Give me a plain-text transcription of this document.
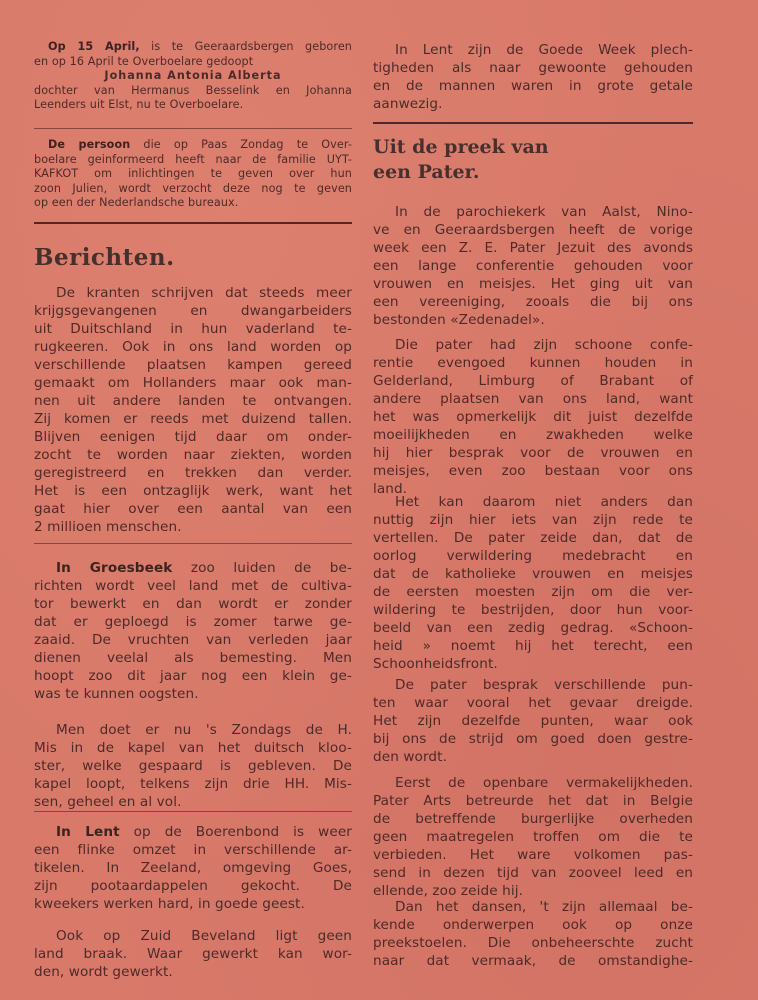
Op 15 April, is te Geeraardsbergen geboren
en op 16 April te Overboelare gedoopt
Johanna Antonia Alberta
dochter van Hermanus Besselink en Johanna
Leenders uit Elst, nu te Overboelare.
De persoon die op Paas Zondag te Over-
boelare geinformeerd heeft naar de familie UYT-
KAFKOT om inlichtingen te geven over hun
zoon Julien, wordt verzocht deze nog te geven
op een der Nederlandsche bureaux.
Berichten.
De kranten schrijven dat steeds meer
krijgsgevangenen en dwangarbeiders
uit Duitschland in hun vaderland te-
rugkeeren. Ook in ons land worden op
verschillende plaatsen kampen gereed
gemaakt om Hollanders maar ook man-
nen uit andere landen te ontvangen.
Zij komen er reeds met duizend tallen.
Blijven eenigen tijd daar om onder-
zocht te worden naar ziekten, worden
geregistreerd en trekken dan verder.
Het is een ontzaglijk werk, want het
gaat hier over een aantal van een
2 millioen menschen.
In Groesbeek zoo luiden de be-
richten wordt veel land met de cultiva-
tor bewerkt en dan wordt er zonder
dat er geploegd is zomer tarwe ge-
zaaid. De vruchten van verleden jaar
dienen veelal als bemesting. Men
hoopt zoo dit jaar nog een klein ge-
was te kunnen oogsten.
Men doet er nu 's Zondags de H.
Mis in de kapel van het duitsch kloo-
ster, welke gespaard is gebleven. De
kapel loopt, telkens zijn drie HH. Mis-
sen, geheel en al vol.
In Lent op de Boerenbond is weer
een flinke omzet in verschillende ar-
tikelen. In Zeeland, omgeving Goes,
zijn pootaardappelen gekocht. De
kweekers werken hard, in goede geest.
Ook op Zuid Beveland ligt geen
land braak. Waar gewerkt kan wor-
den, wordt gewerkt.
In Lent zijn de Goede Week plech-
tigheden als naar gewoonte gehouden
en de mannen waren in grote getale
aanwezig.
Uit de preek van
een Pater.
In de parochiekerk van Aalst, Nino-
ve en Geeraardsbergen heeft de vorige
week een Z. E. Pater Jezuit des avonds
een lange conferentie gehouden voor
vrouwen en meisjes. Het ging uit van
een vereeniging, zooals die bij ons
bestonden «Zedenadel».
Die pater had zijn schoone confe-
rentie evengoed kunnen houden in
Gelderland, Limburg of Brabant of
andere plaatsen van ons land, want
het was opmerkelijk dit juist dezelfde
moeilijkheden en zwakheden welke
hij hier besprak voor de vrouwen en
meisjes, even zoo bestaan voor ons
land.
Het kan daarom niet anders dan
nuttig zijn hier iets van zijn rede te
vertellen. De pater zeide dan, dat de
oorlog verwildering medebracht en
dat de katholieke vrouwen en meisjes
de eersten moesten zijn om die ver-
wildering te bestrijden, door hun voor-
beeld van een zedig gedrag. «Schoon-
heid » noemt hij het terecht, een
Schoonheidsfront.
De pater besprak verschillende pun-
ten waar vooral het gevaar dreigde.
Het zijn dezelfde punten, waar ook
bij ons de strijd om goed doen gestre-
den wordt.
Eerst de openbare vermakelijkheden.
Pater Arts betreurde het dat in Belgie
de betreffende burgerlijke overheden
geen maatregelen troffen om die te
verbieden. Het ware volkomen pas-
send in dezen tijd van zooveel leed en
ellende, zoo zeide hij.
Dan het dansen, 't zijn allemaal be-
kende onderwerpen ook op onze
preekstoelen. Die onbeheerschte zucht
naar dat vermaak, de omstandighe-
